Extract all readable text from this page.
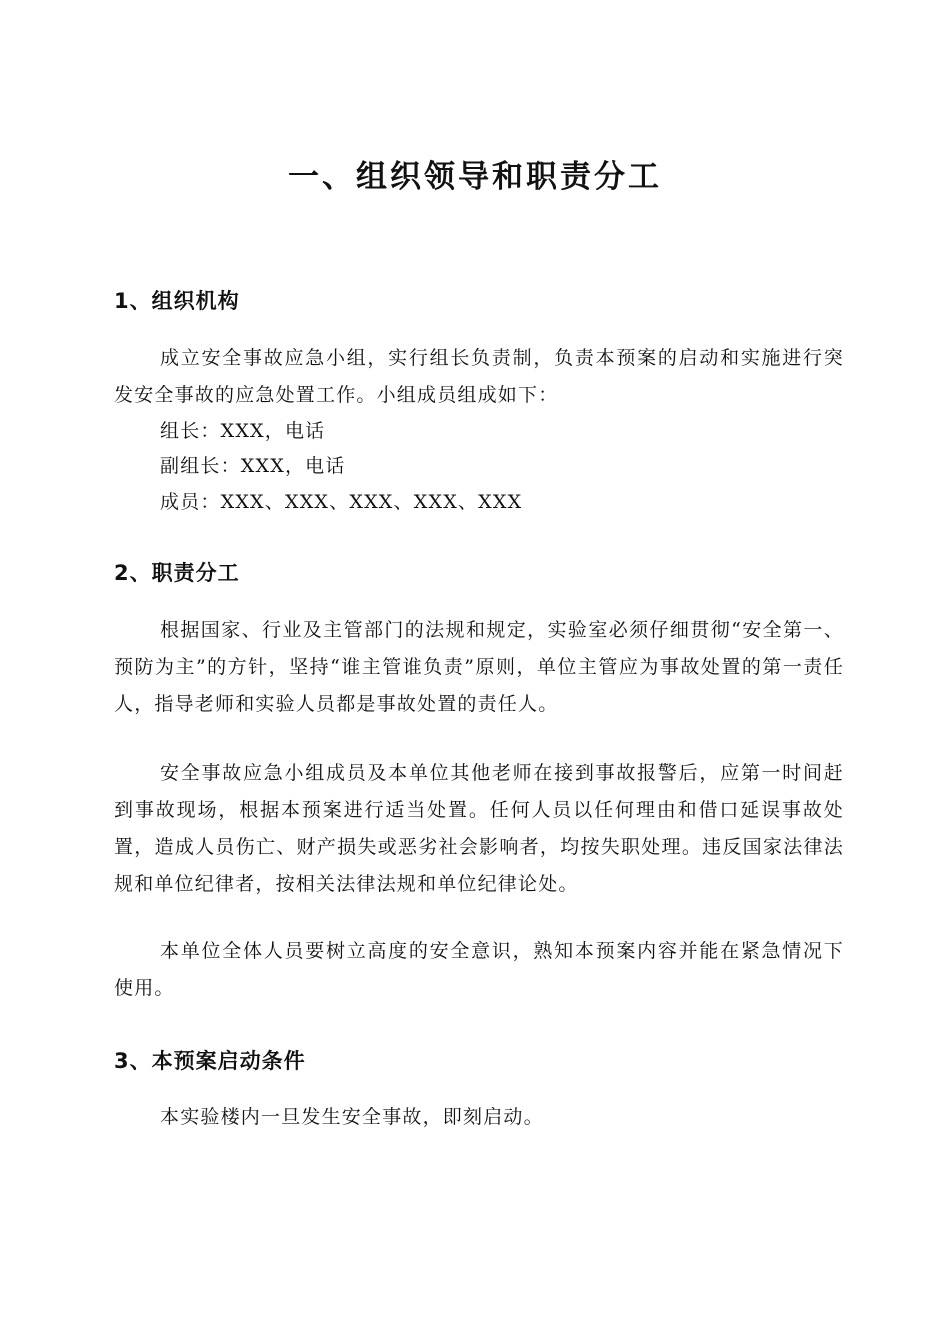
一、组织领导和职责分工
1、组织机构

成立安全事故应急小组，实行组长负责制，负责本预案的启动和实施进行突发安全事故的应急处置工作。小组成员组成如下：

组长：XXX，电话

副组长：XXX，电话

成员：XXX、XXX、XXX、XXX、XXX

2、职责分工

根据国家、行业及主管部门的法规和规定，实验室必须仔细贯彻“安全第一、预防为主”的方针，坚持“谁主管谁负责”原则，单位主管应为事故处置的第一责任人，指导老师和实验人员都是事故处置的责任人。

安全事故应急小组成员及本单位其他老师在接到事故报警后，应第一时间赶到事故现场，根据本预案进行适当处置。任何人员以任何理由和借口延误事故处置，造成人员伤亡、财产损失或恶劣社会影响者，均按失职处理。违反国家法律法规和单位纪律者，按相关法律法规和单位纪律论处。

本单位全体人员要树立高度的安全意识，熟知本预案内容并能在紧急情况下使用。

3、本预案启动条件

本实验楼内一旦发生安全事故，即刻启动。
